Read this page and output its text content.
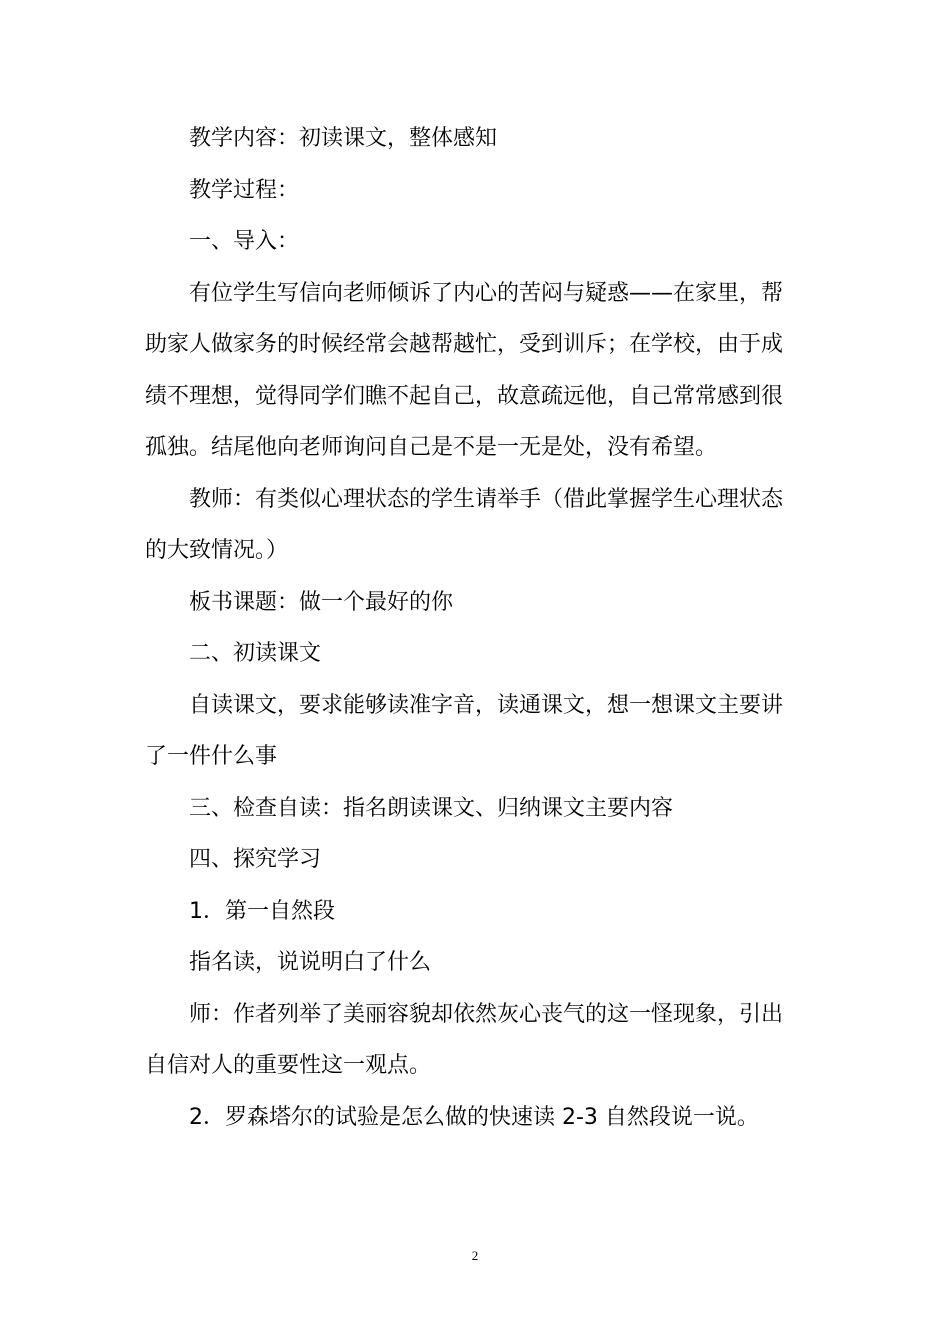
教学内容：初读课文，整体感知

教学过程：

一、导入：

有位学生写信向老师倾诉了内心的苦闷与疑惑——在家里，帮助家人做家务的时候经常会越帮越忙，受到训斥；在学校，由于成绩不理想，觉得同学们瞧不起自己，故意疏远他，自己常常感到很孤独。结尾他向老师询问自己是不是一无是处，没有希望。

教师：有类似心理状态的学生请举手（借此掌握学生心理状态的大致情况。）

板书课题：做一个最好的你

二、初读课文

自读课文，要求能够读准字音，读通课文，想一想课文主要讲了一件什么事

三、检查自读：指名朗读课文、归纳课文主要内容

四、探究学习

1．第一自然段

指名读，说说明白了什么

师：作者列举了美丽容貌却依然灰心丧气的这一怪现象，引出自信对人的重要性这一观点。

2．罗森塔尔的试验是怎么做的快速读 2-3 自然段说一说。

2
